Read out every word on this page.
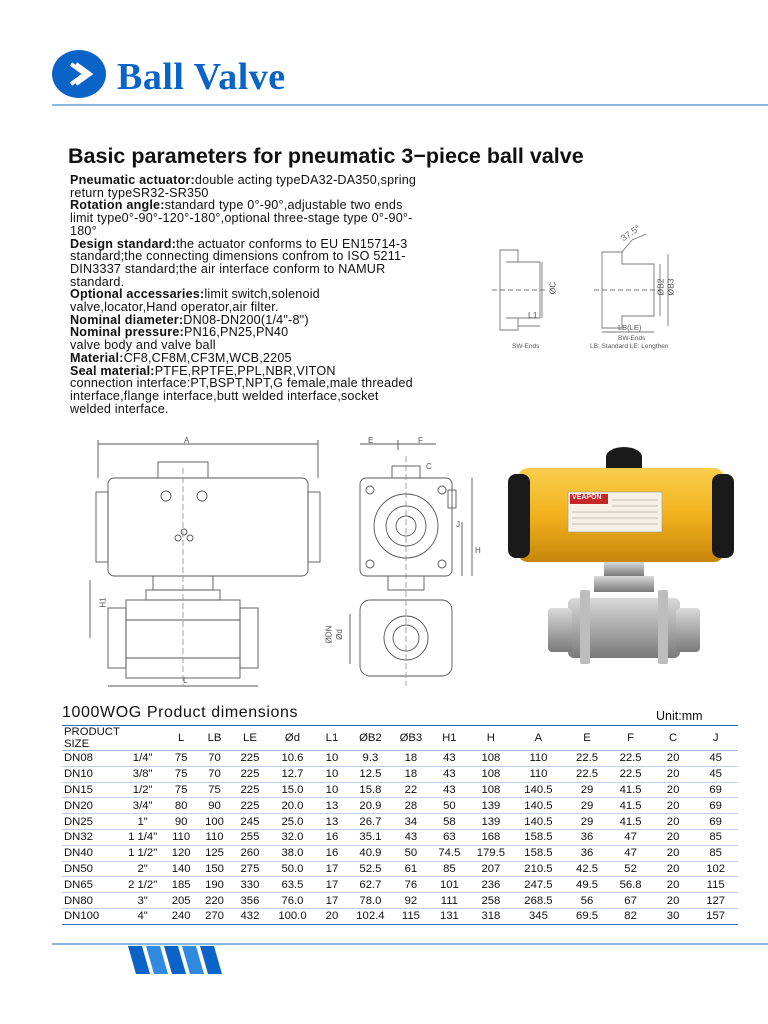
Ball Valve
Basic parameters for pneumatic 3−piece ball valve
Pneumatic actuator:double acting typeDA32-DA350,spring
return typeSR32-SR350
Rotation angle:standard type 0°-90°,adjustable two ends
limit type0°-90°-120°-180°,optional three-stage type 0°-90°-
180°
Design standard:the actuator conforms to EU EN15714-3
standard;the connecting dimensions confrom to ISO 5211-
DIN3337 standard;the air interface conform to NAMUR
standard.
Optional accessaries:limit switch,solenoid
valve,locator,Hand operator,air filter.
Nominal diameter:DN08-DN200(1/4"-8")
Nominal pressure:PN16,PN25,PN40
valve body and valve ball
Material:CF8,CF8M,CF3M,WCB,2205
Seal material:PTFE,RPTFE,PPL,NBR,VITON
connection interface:PT,BSPT,NPT,G female,male threaded
interface,flange interface,butt welded interface,socket
welded interface.
37.5°
ØC
L1
ØB2 ØB3
LB(LE)
SW-Ends
BW-Ends
LB: Standard LE: Lengthen
A
H1
L
E	F
C
J
H
ØDN Ød
VEAPON
1000WOG Product dimensions	Unit:mm
PRODUCT SIZE		L	LB	LE	Ød	L1	ØB2	ØB3	H1	H	A	E	F	C	J
DN08	1/4"	75	70	225	10.6	10	9.3	18	43	108	110	22.5	22.5	20	45
DN10	3/8"	75	70	225	12.7	10	12.5	18	43	108	110	22.5	22.5	20	45
DN15	1/2"	75	75	225	15.0	10	15.8	22	43	108	140.5	29	41.5	20	69
DN20	3/4"	80	90	225	20.0	13	20.9	28	50	139	140.5	29	41.5	20	69
DN25	1"	90	100	245	25.0	13	26.7	34	58	139	140.5	29	41.5	20	69
DN32	1 1/4"	110	110	255	32.0	16	35.1	43	63	168	158.5	36	47	20	85
DN40	1 1/2"	120	125	260	38.0	16	40.9	50	74.5	179.5	158.5	36	47	20	85
DN50	2"	140	150	275	50.0	17	52.5	61	85	207	210.5	42.5	52	20	102
DN65	2 1/2"	185	190	330	63.5	17	62.7	76	101	236	247.5	49.5	56.8	20	115
DN80	3"	205	220	356	76.0	17	78.0	92	111	258	268.5	56	67	20	127
DN100	4"	240	270	432	100.0	20	102.4	115	131	318	345	69.5	82	30	157
